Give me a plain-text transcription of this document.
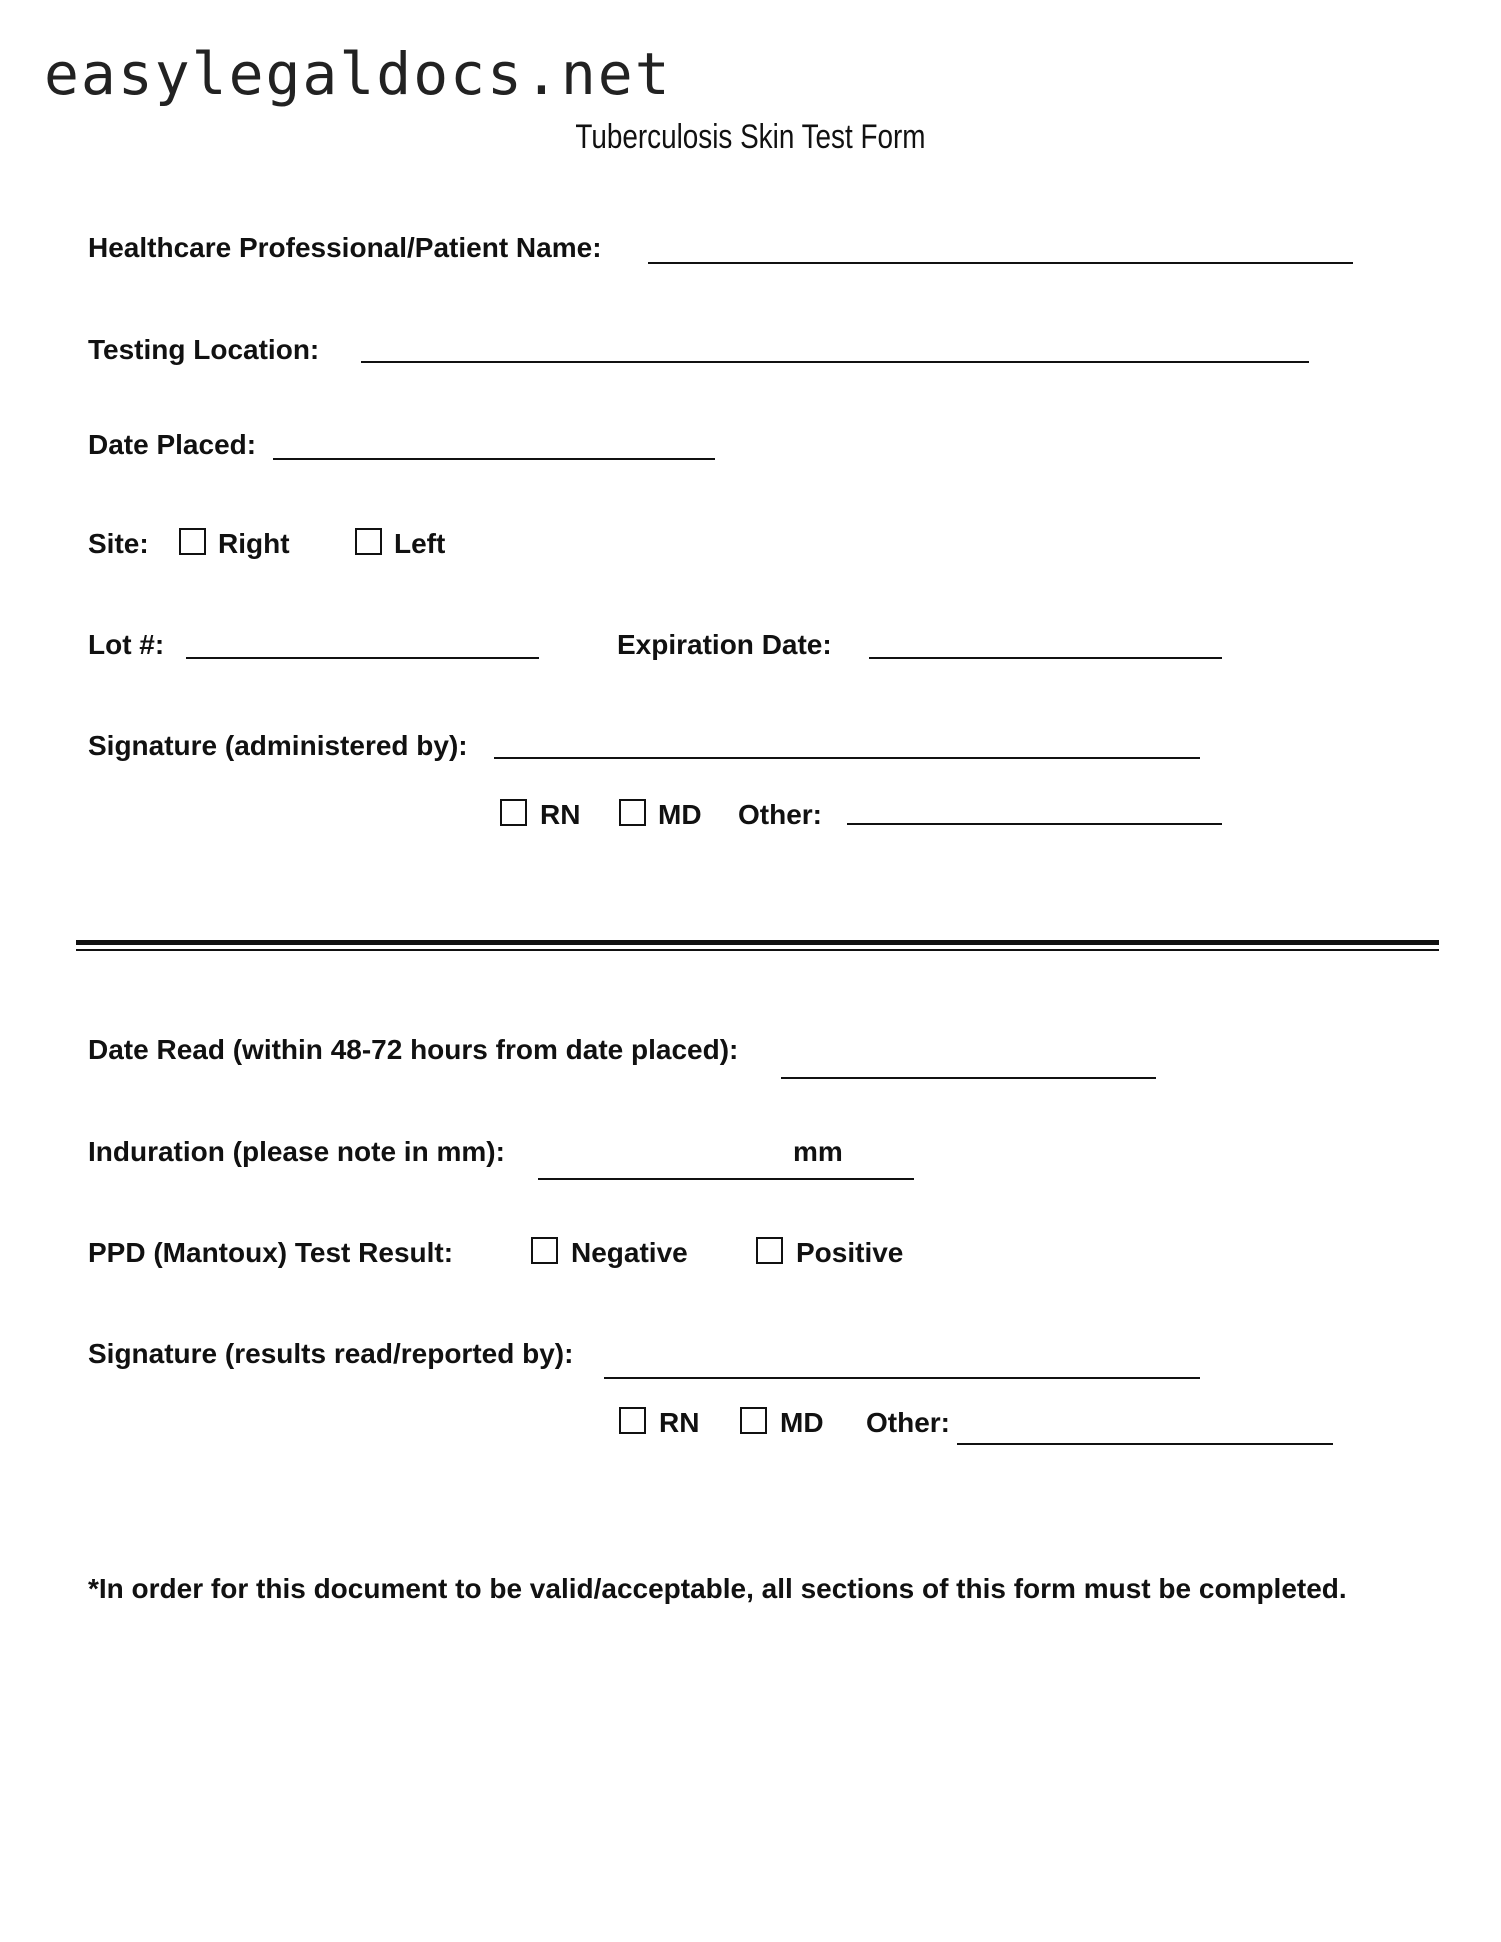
easylegaldocs.net
Tuberculosis Skin Test Form
Healthcare Professional/Patient Name:
Testing Location:
Date Placed:
Site: Right	Left
Lot #:	Expiration Date:
Signature (administered by):
RN	MD Other:
Date Read (within 48-72 hours from date placed):
Induration (please note in mm):	mm
PPD (Mantoux) Test Result:	Negative	Positive
Signature (results read/reported by):
RN	MD Other:
*In order for this document to be valid/acceptable, all sections of this form must be completed.
